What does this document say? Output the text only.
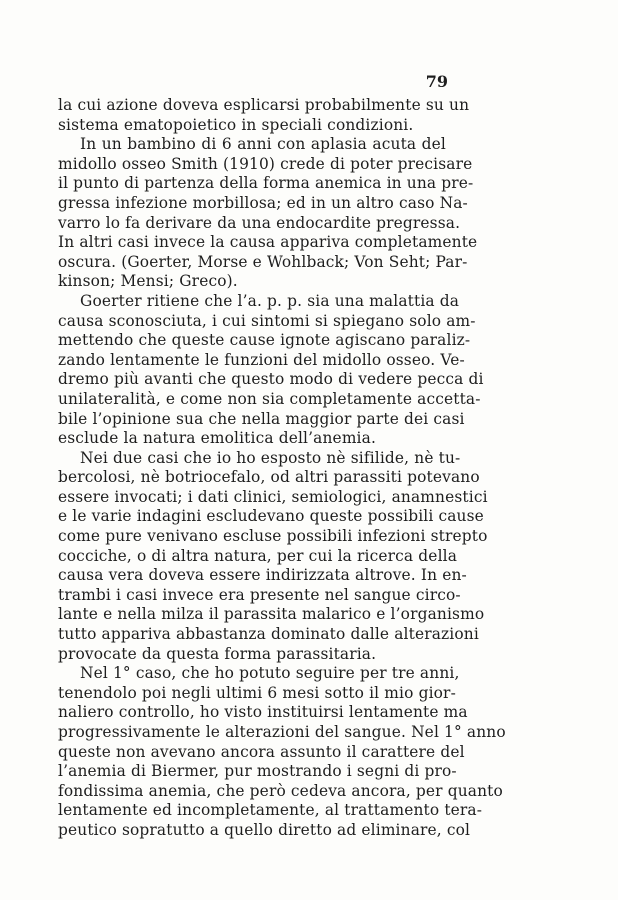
79
la cui azione doveva esplicarsi probabilmente su un
sistema ematopoietico in speciali condizioni.
In un bambino di 6 anni con aplasia acuta del
midollo osseo Smith (1910) crede di poter precisare
il punto di partenza della forma anemica in una pre-
gressa infezione morbillosa; ed in un altro caso Na-
varro lo fa derivare da una endocardite pregressa.
In altri casi invece la causa appariva completamente
oscura. (Goerter, Morse e Wohlback; Von Seht; Par-
kinson; Mensi; Greco).
Goerter ritiene che l’a. p. p. sia una malattia da
causa sconosciuta, i cui sintomi si spiegano solo am-
mettendo che queste cause ignote agiscano paraliz-
zando lentamente le funzioni del midollo osseo. Ve-
dremo più avanti che questo modo di vedere pecca di
unilateralità, e come non sia completamente accetta-
bile l’opinione sua che nella maggior parte dei casi
esclude la natura emolitica dell’anemia.
Nei due casi che io ho esposto nè sifilide, nè tu-
bercolosi, nè botriocefalo, od altri parassiti potevano
essere invocati; i dati clinici, semiologici, anamnestici
e le varie indagini escludevano queste possibili cause
come pure venivano escluse possibili infezioni strepto
cocciche, o di altra natura, per cui la ricerca della
causa vera doveva essere indirizzata altrove. In en-
trambi i casi invece era presente nel sangue circo-
lante e nella milza il parassita malarico e l’organismo
tutto appariva abbastanza dominato dalle alterazioni
provocate da questa forma parassitaria.
Nel 1° caso, che ho potuto seguire per tre anni,
tenendolo poi negli ultimi 6 mesi sotto il mio gior-
naliero controllo, ho visto instituirsi lentamente ma
progressivamente le alterazioni del sangue. Nel 1° anno
queste non avevano ancora assunto il carattere del
l’anemia di Biermer, pur mostrando i segni di pro-
fondissima anemia, che però cedeva ancora, per quanto
lentamente ed incompletamente, al trattamento tera-
peutico sopratutto a quello diretto ad eliminare, col
